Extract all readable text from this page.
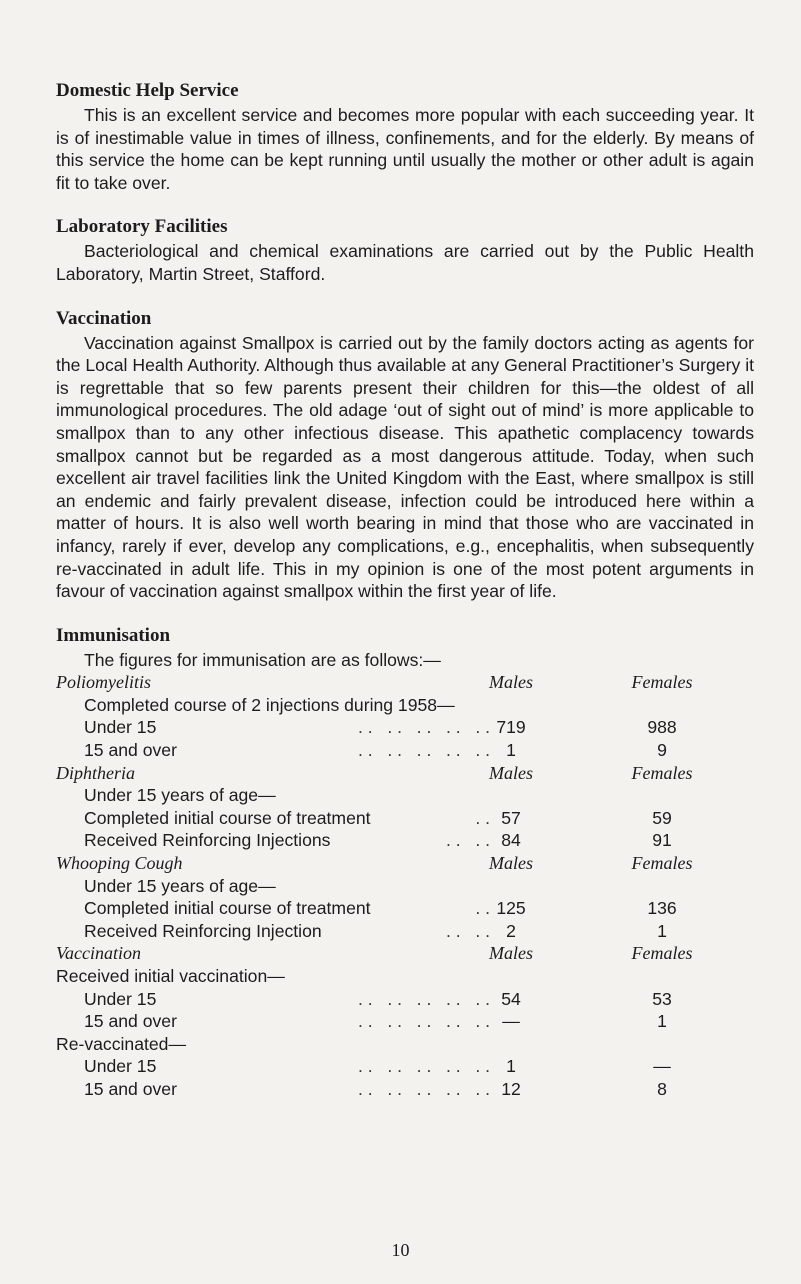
Domestic Help Service

This is an excellent service and becomes more popular with each succeeding year. It is of inestimable value in times of illness, confinements, and for the elderly. By means of this service the home can be kept running until usually the mother or other adult is again fit to take over.

Laboratory Facilities

Bacteriological and chemical examinations are carried out by the Public Health Laboratory, Martin Street, Stafford.

Vaccination

Vaccination against Smallpox is carried out by the family doctors acting as agents for the Local Health Authority. Although thus available at any General Practitioner’s Surgery it is regrettable that so few parents present their children for this—the oldest of all immunological procedures. The old adage ‘out of sight out of mind’ is more applicable to smallpox than to any other infectious disease. This apathetic complacency towards smallpox cannot but be regarded as a most dangerous attitude. Today, when such excellent air travel facilities link the United Kingdom with the East, where smallpox is still an endemic and fairly prevalent disease, infection could be introduced here within a matter of hours. It is also well worth bearing in mind that those who are vaccinated in infancy, rarely if ever, develop any complications, e.g., encephalitis, when subsequently re-vaccinated in adult life. This in my opinion is one of the most potent arguments in favour of vaccination against smallpox within the first year of life.

Immunisation

The figures for immunisation are as follows:—

Poliomyelitis	Males	Females
Completed course of 2 injections during 1958—
Under 15	. .   . .   . .   . .   . . 719	988
15 and over	. .   . .   . .   . .   . . 1	9
Diphtheria	Males	Females
Under 15 years of age—
Completed initial course of treatment	. . 57	59
Received Reinforcing Injections	. .   . . 84	91
Whooping Cough	Males	Females
Under 15 years of age—
Completed initial course of treatment	. . 125	136
Received Reinforcing Injection	. .   . . 2	1
Vaccination	Males	Females
Received initial vaccination—
Under 15	. .   . .   . .   . .   . . 54	53
15 and over	. .   . .   . .   . .   . . —	1
Re-vaccinated—
Under 15	. .   . .   . .   . .   . . 1	—
15 and over	. .   . .   . .   . .   . . 12	8
10
